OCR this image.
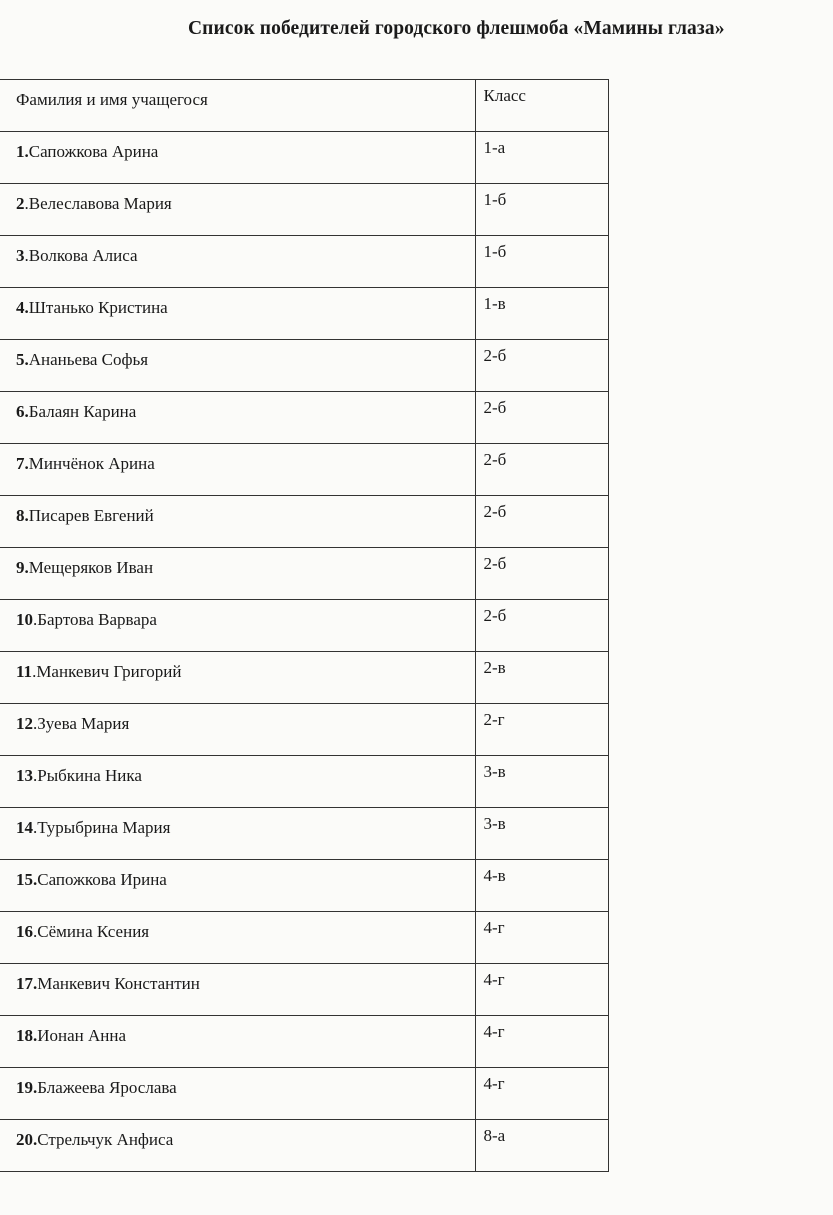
Список победителей городского флешмоба «Мамины глаза»
Фамилия и имя учащегося	Класс
1.Сапожкова Арина	1-а
2.Велеславова Мария	1-б
3.Волкова Алиса	1-б
4.Штанько Кристина	1-в
5.Ананьева Софья	2-б
6.Балаян Карина	2-б
7.Минчёнок Арина	2-б
8.Писарев Евгений	2-б
9.Мещеряков Иван	2-б
10.Бартова Варвара	2-б
11.Манкевич Григорий	2-в
12.Зуева Мария	2-г
13.Рыбкина Ника	3-в
14.Турыбрина Мария	3-в
15.Сапожкова Ирина	4-в
16.Сёмина Ксения	4-г
17.Манкевич Константин	4-г
18.Ионан Анна	4-г
19.Блажеева Ярослава	4-г
20.Стрельчук Анфиса	8-а
